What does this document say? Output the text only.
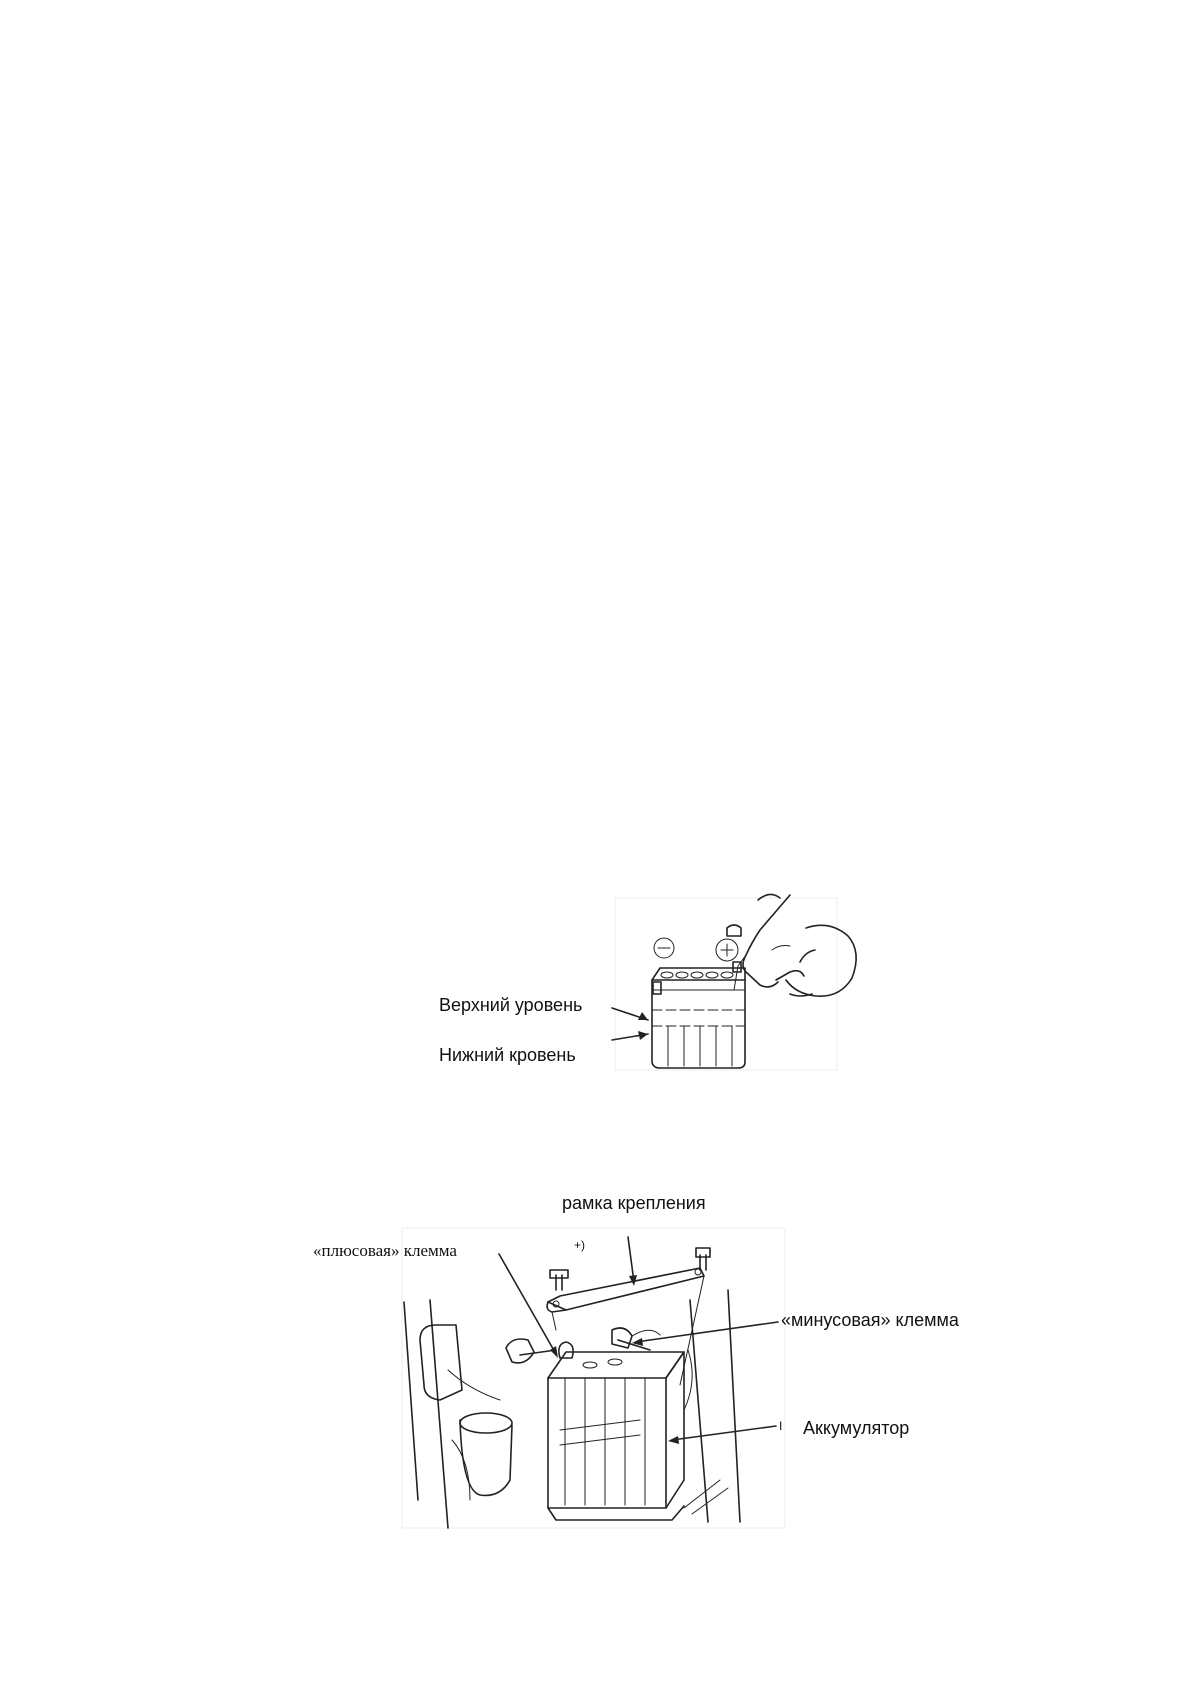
Верхний уровень
Нижний кровень
рамка крепления
«плюсовая» клемма	+)
«минусовая» клемма
I Аккумулятор
